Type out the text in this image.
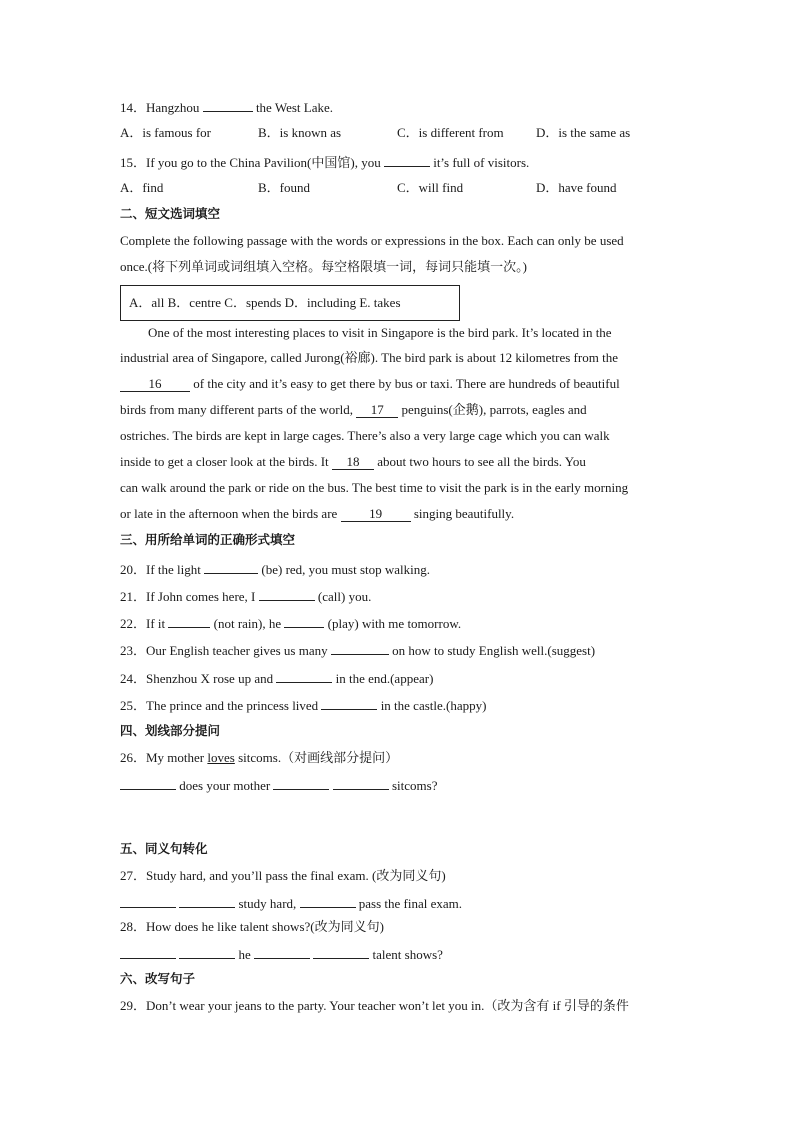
14．Hangzhou	the West Lake.
A．is famous for	B．is known as	C．is different from D．is the same as
15．If you go to the China Pavilion(中国馆), you	it’s full of visitors.
A．find	B．found	C．will find	D．have found
二、短文选词填空
Complete the following passage with the words or expressions in the box. Each can only be used
once.(将下列单词或词组填入空格。每空格限填一词，每词只能填一次。)
A．all B．centre C．spends D．including E. takes
One of the most interesting places to visit in Singapore is the bird park. It’s located in the
industrial area of Singapore, called Jurong(裕廊). The bird park is about 12 kilometres from the
16 of the city and it’s easy to get there by bus or taxi. There are hundreds of beautiful
birds from many different parts of the world, 17 penguins(企鹅), parrots, eagles and
ostriches. The birds are kept in large cages. There’s also a very large cage which you can walk
inside to get a closer look at the birds. It 18 about two hours to see all the birds. You
can walk around the park or ride on the bus. The best time to visit the park is in the early morning
or late in the afternoon when the birds are 19 singing beautifully.
三、用所给单词的正确形式填空
20．If the light	(be) red, you must stop walking.
21．If John comes here, I	(call) you.
22．If it	(not rain), he	(play) with me tomorrow.
23．Our English teacher gives us many	on how to study English well.(suggest)
24．Shenzhou X rose up and	in the end.(appear)
25．The prince and the princess lived	in the castle.(happy)
四、划线部分提问
26．My mother loves sitcoms.（对画线部分提问）
does your mother	sitcoms?
五、同义句转化
27．Study hard, and you’ll pass the final exam. (改为同义句)
study hard,	pass the final exam.
28．How does he like talent shows?(改为同义句)
he	talent shows?
六、改写句子
29．Don’t wear your jeans to the party. Your teacher won’t let you in.（改为含有 if 引导的条件
